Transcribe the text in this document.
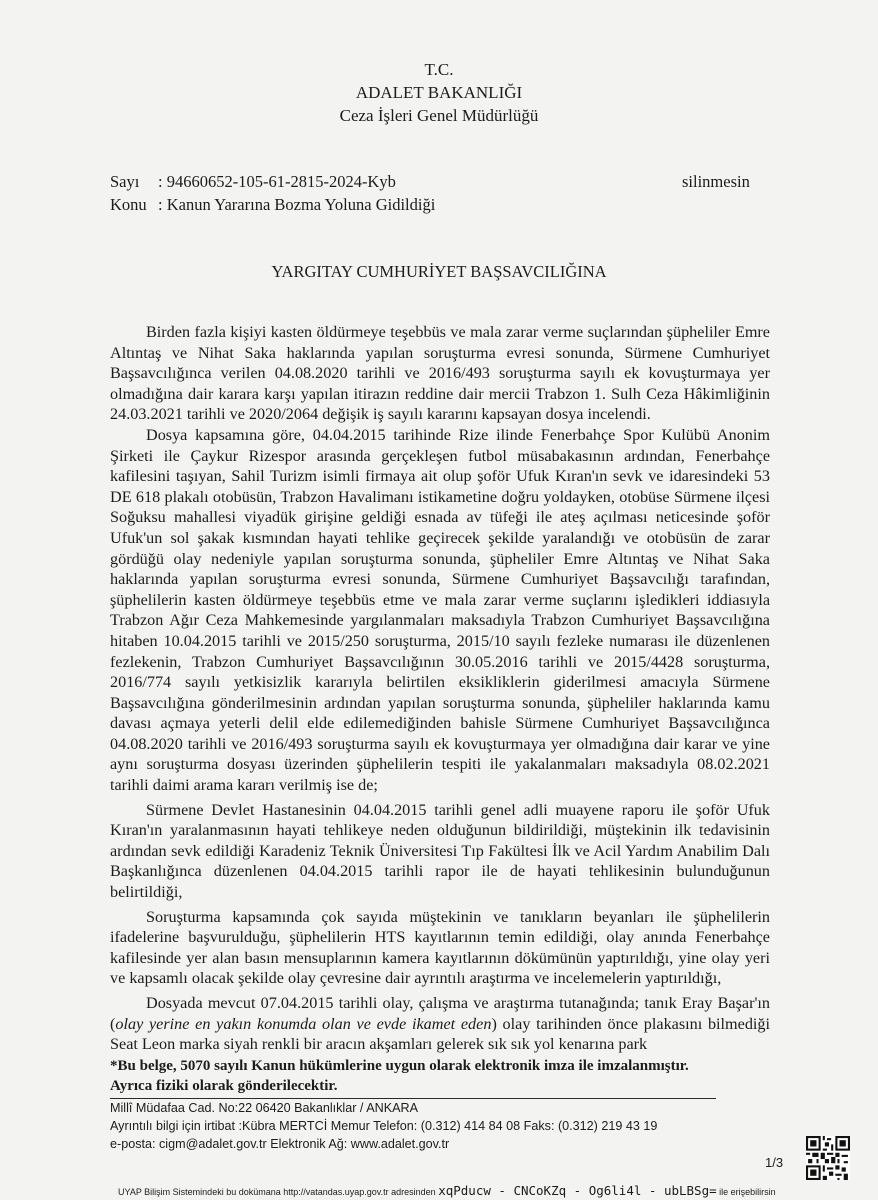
T.C.
ADALET BAKANLIĞI
Ceza İşleri Genel Müdürlüğü
Sayı : 94660652-105-61-2815-2024-Kyb	silinmesin
Konu : Kanun Yararına Bozma Yoluna Gidildiği
YARGITAY CUMHURİYET BAŞSAVCILIĞINA

Birden fazla kişiyi kasten öldürmeye teşebbüs ve mala zarar verme suçlarından şüpheliler Emre Altıntaş ve Nihat Saka haklarında yapılan soruşturma evresi sonunda, Sürmene Cumhuriyet Başsavcılığınca verilen 04.08.2020 tarihli ve 2016/493 soruşturma sayılı ek kovuşturmaya yer olmadığına dair karara karşı yapılan itirazın reddine dair mercii Trabzon 1. Sulh Ceza Hâkimliğinin 24.03.2021 tarihli ve 2020/2064 değişik iş sayılı kararını kapsayan dosya incelendi.

Dosya kapsamına göre, 04.04.2015 tarihinde Rize ilinde Fenerbahçe Spor Kulübü Anonim Şirketi ile Çaykur Rizespor arasında gerçekleşen futbol müsabakasının ardından, Fenerbahçe kafilesini taşıyan, Sahil Turizm isimli firmaya ait olup şoför Ufuk Kıran'ın sevk ve idaresindeki 53 DE 618 plakalı otobüsün, Trabzon Havalimanı istikametine doğru yoldayken, otobüse Sürmene ilçesi Soğuksu mahallesi viyadük girişine geldiği esnada av tüfeği ile ateş açılması neticesinde şoför Ufuk'un sol şakak kısmından hayati tehlike geçirecek şekilde yaralandığı ve otobüsün de zarar gördüğü olay nedeniyle yapılan soruşturma sonunda, şüpheliler Emre Altıntaş ve Nihat Saka haklarında yapılan soruşturma evresi sonunda, Sürmene Cumhuriyet Başsavcılığı tarafından, şüphelilerin kasten öldürmeye teşebbüs etme ve mala zarar verme suçlarını işledikleri iddiasıyla Trabzon Ağır Ceza Mahkemesinde yargılanmaları maksadıyla Trabzon Cumhuriyet Başsavcılığına hitaben 10.04.2015 tarihli ve 2015/250 soruşturma, 2015/10 sayılı fezleke numarası ile düzenlenen fezlekenin, Trabzon Cumhuriyet Başsavcılığının 30.05.2016 tarihli ve 2015/4428 soruşturma, 2016/774 sayılı yetkisizlik kararıyla belirtilen eksikliklerin giderilmesi amacıyla Sürmene Başsavcılığına gönderilmesinin ardından yapılan soruşturma sonunda, şüpheliler haklarında kamu davası açmaya yeterli delil elde edilemediğinden bahisle Sürmene Cumhuriyet Başsavcılığınca 04.08.2020 tarihli ve 2016/493 soruşturma sayılı ek kovuşturmaya yer olmadığına dair karar ve yine aynı soruşturma dosyası üzerinden şüphelilerin tespiti ile yakalanmaları maksadıyla 08.02.2021 tarihli daimi arama kararı verilmiş ise de;

Sürmene Devlet Hastanesinin 04.04.2015 tarihli genel adli muayene raporu ile şoför Ufuk Kıran'ın yaralanmasının hayati tehlikeye neden olduğunun bildirildiği, müştekinin ilk tedavisinin ardından sevk edildiği Karadeniz Teknik Üniversitesi Tıp Fakültesi İlk ve Acil Yardım Anabilim Dalı Başkanlığınca düzenlenen 04.04.2015 tarihli rapor ile de hayati tehlikesinin bulunduğunun belirtildiği,

Soruşturma kapsamında çok sayıda müştekinin ve tanıkların beyanları ile şüphelilerin ifadelerine başvurulduğu, şüphelilerin HTS kayıtlarının temin edildiği, olay anında Fenerbahçe kafilesinde yer alan basın mensuplarının kamera kayıtlarının dökümünün yaptırıldığı, yine olay yeri ve kapsamlı olacak şekilde olay çevresine dair ayrıntılı araştırma ve incelemelerin yaptırıldığı,

Dosyada mevcut 07.04.2015 tarihli olay, çalışma ve araştırma tutanağında; tanık Eray Başar'ın (olay yerine en yakın konumda olan ve evde ikamet eden) olay tarihinden önce plakasını bilmediği Seat Leon marka siyah renkli bir aracın akşamları gelerek sık sık yol kenarına park

*Bu belge, 5070 sayılı Kanun hükümlerine uygun olarak elektronik imza ile imzalanmıştır.
Ayrıca fiziki olarak gönderilecektir.
Millî Müdafaa Cad. No:22 06420 Bakanlıklar / ANKARA
Ayrıntılı bilgi için irtibat :Kübra MERTCİ Memur Telefon: (0.312) 414 84 08 Faks: (0.312) 219 43 19
e-posta: cigm@adalet.gov.tr Elektronik Ağ: www.adalet.gov.tr
1/3
UYAP Bilişim Sistemindeki bu dokümana http://vatandas.uyap.gov.tr adresinden xqPducw - CNCoKZq - Og6li4l - ubLBSg= ile erişebilirsin
